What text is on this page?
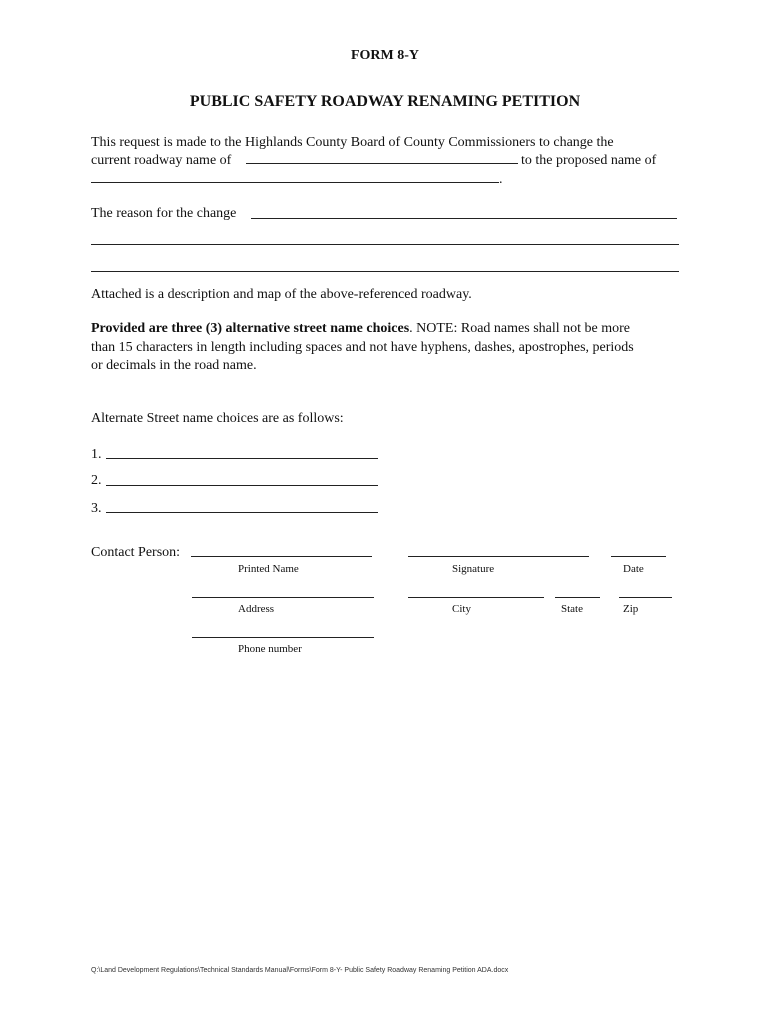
FORM 8-Y
PUBLIC SAFETY ROADWAY RENAMING PETITION
This request is made to the Highlands County Board of County Commissioners to change the
current roadway name of	to the proposed name of
.
The reason for the change
Attached is a description and map of the above-referenced roadway.
Provided are three (3) alternative street name choices. NOTE: Road names shall not be more
than 15 characters in length including spaces and not have hyphens, dashes, apostrophes, periods
or decimals in the road name.
Alternate Street name choices are as follows:
1.
2.
3.
Contact Person:
Printed Name	Signature	Date
Address	City	State	Zip
Phone number
Q:\Land Development Regulations\Technical Standards Manual\Forms\Form 8-Y- Public Safety Roadway Renaming Petition ADA.docx
